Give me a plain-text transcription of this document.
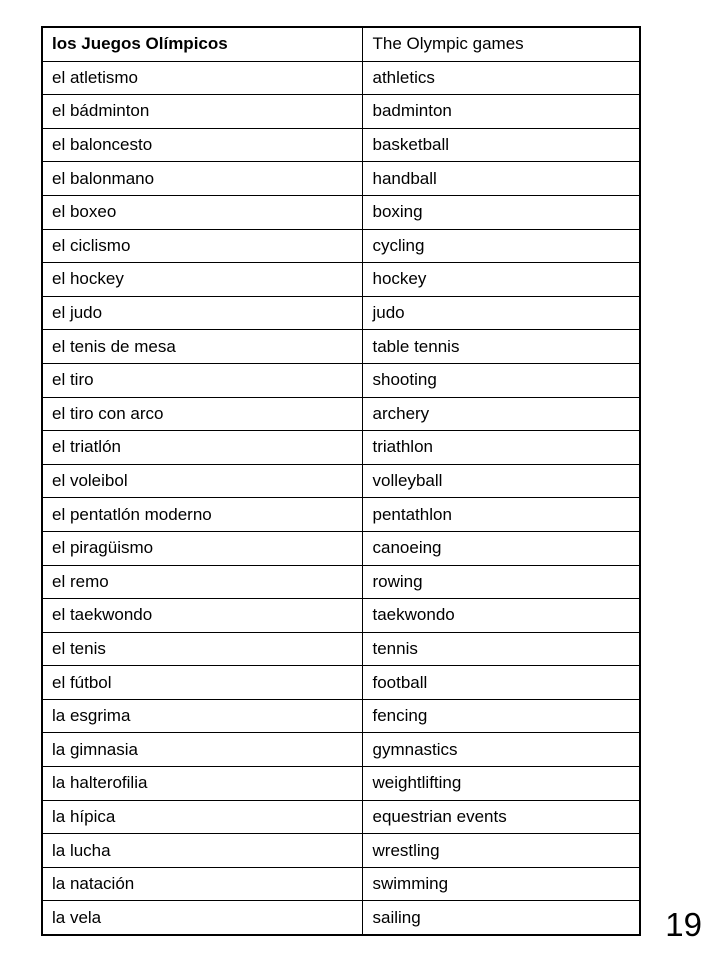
los Juegos Olímpicos	The Olympic games
el atletismo	athletics
el bádminton	badminton
el baloncesto	basketball
el balonmano	handball
el boxeo	boxing
el ciclismo	cycling
el hockey	hockey
el judo	judo
el tenis de mesa	table tennis
el tiro	shooting
el tiro con arco	archery
el triatlón	triathlon
el voleibol	volleyball
el pentatlón moderno	pentathlon
el piragüismo	canoeing
el remo	rowing
el taekwondo	taekwondo
el tenis	tennis
el fútbol	football
la esgrima	fencing
la gimnasia	gymnastics
la halterofilia	weightlifting
la hípica	equestrian events
la lucha	wrestling
la natación	swimming
la vela	sailing	19
